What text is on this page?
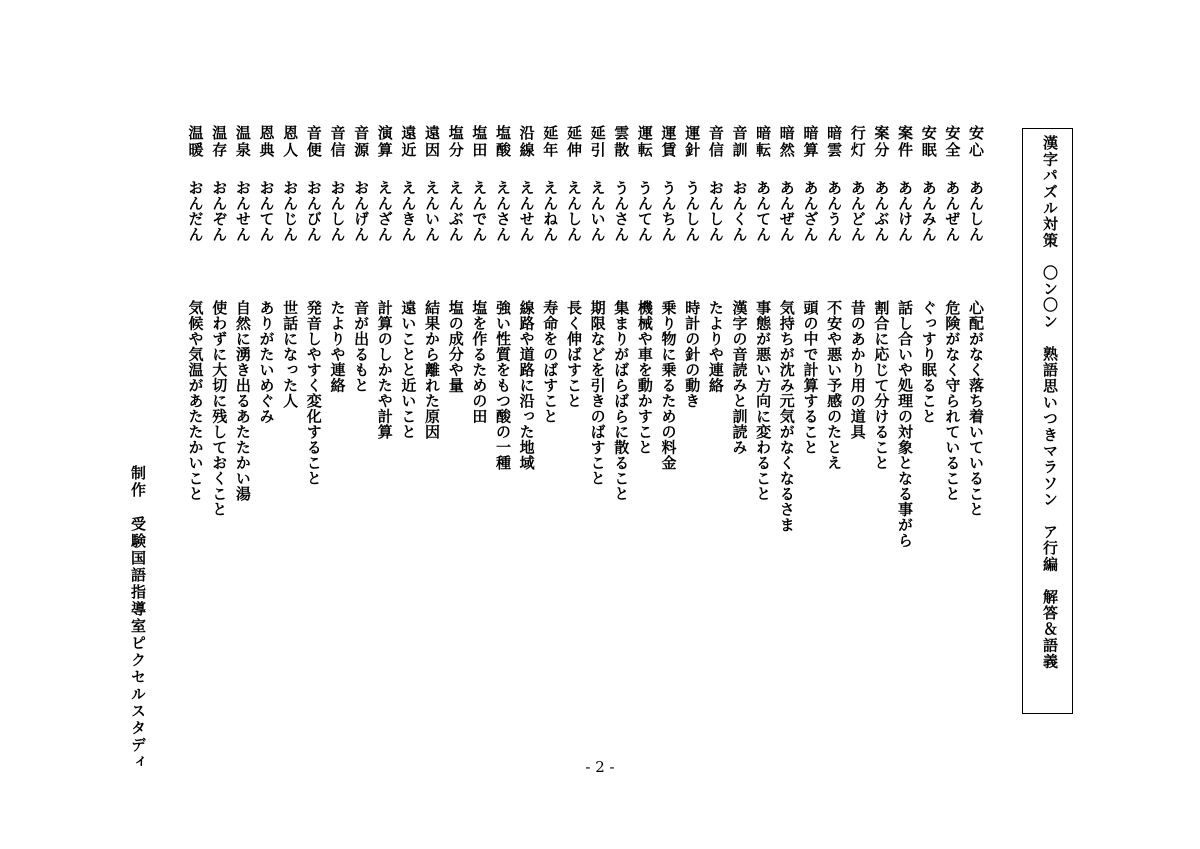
漢字パズル対策　〇ン〇ン　熟語思いつきマラソン　ア行編　解答＆語義
安心
あんしん
心配がなく落ち着いていること
安全
あんぜん
危険がなく守られていること
安眠
あんみん
ぐっすり眠ること
案件
あんけん
話し合いや処理の対象となる事がら
案分
あんぶん
割合に応じて分けること
行灯
あんどん
昔のあかり用の道具
暗雲
あんうん
不安や悪い予感のたとえ
暗算
あんざん
頭の中で計算すること
暗然
あんぜん
気持ちが沈み元気がなくなるさま
暗転
あんてん
事態が悪い方向に変わること
音訓
おんくん
漢字の音読みと訓読み
音信
おんしん
たよりや連絡
運針
うんしん
時計の針の動き
運賃
うんちん
乗り物に乗るための料金
運転
うんてん
機械や車を動かすこと
雲散
うんさん
集まりがばらばらに散ること
延引
えんいん
期限などを引きのばすこと
延伸
えんしん
長く伸ばすこと
延年
えんねん
寿命をのばすこと
沿線
えんせん
線路や道路に沿った地域
塩酸
えんさん
強い性質をもつ酸の一種
塩田
えんでん
塩を作るための田
塩分
えんぶん
塩の成分や量
遠因
えんいん
結果から離れた原因
遠近
えんきん
遠いことと近いこと
演算
えんざん
計算のしかたや計算
音源
おんげん
音が出るもと
音信
おんしん
たよりや連絡
音便
おんびん
発音しやすく変化すること
恩人
おんじん
世話になった人
恩典
おんてん
ありがたいめぐみ
温泉
おんせん
自然に湧き出るあたたかい湯
温存
おんぞん
使わずに大切に残しておくこと
温暖
おんだん
気候や気温があたたかいこと
制作　受験国語指導室ピクセルスタディ	- 2 -
